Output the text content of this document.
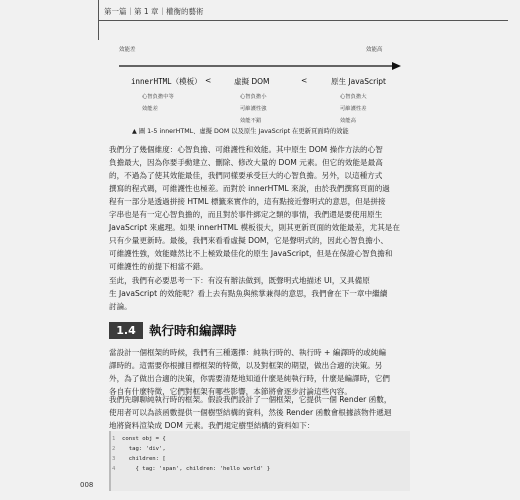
第一篇｜第 1 章｜權衡的藝術
效能差	效能高
innerHTML（模板） <	虛擬 DOM	<	原生 JavaScript
心智負擔中等
效能差
心智負擔小
可維護性強
效能不錯
心智負擔大
可維護性差
效能高
▲ 圖 1-5 innerHTML、虛擬 DOM 以及原生 JavaScript 在更新頁面時的效能
我們分了幾個維度：心智負擔、可維護性和效能。其中原生 DOM 操作方法的心智
負擔最大，因為你要手動建立、刪除、修改大量的 DOM 元素。但它的效能是最高
的，不過為了使其效能最佳，我們同樣要承受巨大的心智負擔。另外，以這種方式
撰寫的程式碼，可維護性也極差。而對於 innerHTML 來說，由於我們撰寫頁面的過
程有一部分是透過拼接 HTML 標籤來實作的，這有點接近聲明式的意思，但是拼接
字串也是有一定心智負擔的，而且對於事件綁定之類的事情，我們還是要使用原生
JavaScript 來處理。如果 innerHTML 模板很大，則其更新頁面的效能最差，尤其是在
只有少量更新時。最後，我們來看看虛擬 DOM，它是聲明式的，因此心智負擔小、
可維護性強，效能雖然比不上極致最佳化的原生 JavaScript，但是在保證心智負擔和
可維護性的前提下相當不錯。
至此，我們有必要思考一下：有沒有辦法做到，既聲明式地描述 UI，又具備原
生 JavaScript 的效能呢？看上去有點魚與熊掌兼得的意思，我們會在下一章中繼續
討論。
1.4	執行時和編譯時
當設計一個框架的時候，我們有三種選擇：純執行時的、執行時 + 編譯時的或純編
譯時的。這需要你根據目標框架的特徵，以及對框架的期望，做出合適的決策。另
外，為了做出合適的決策，你需要清楚地知道什麼是純執行時，什麼是編譯時，它們
各自有什麼特徵，它們對框架有哪些影響，本節將會逐步討論這些內容。
我們先聊聊純執行時的框架。假設我們設計了一個框架，它提供一個 Render 函數，
使用者可以為該函數提供一個樹型結構的資料，然後 Render 函數會根據該物件遞迴
地將資料渲染成 DOM 元素。我們規定樹型結構的資料如下：
1 const obj = {
2  tag: 'div',
3  children: [
4    { tag: 'span', children: 'hello world' }
008
